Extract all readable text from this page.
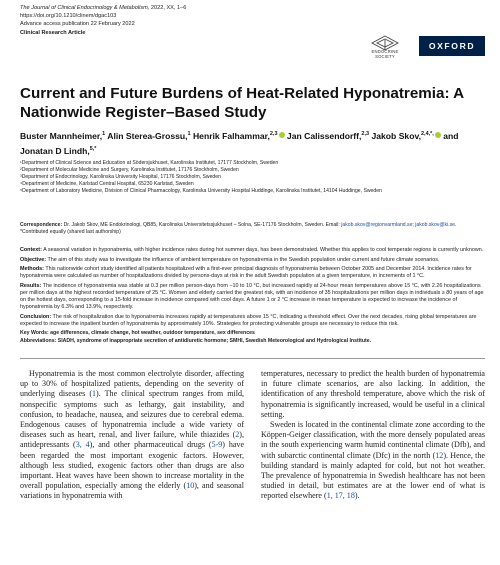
The Journal of Clinical Endocrinology & Metabolism, 2022, XX, 1–6
https://doi.org/10.1210/clinem/dgac103
Advance access publication 22 February 2022
Clinical Research Article
ENDOCRINE SOCIETY
OXFORD
Current and Future Burdens of Heat-Related Hyponatremia: A Nationwide Register–Based Study
Buster Mannheimer,$^1$ Alin Sterea-Grossu,$^1$ Henrik Falhammar,$^{2,3}$ Jan Calissendorff,$^{2,3}$ Jakob Skov,$^{2,4,*,}$ and Jonatan D Lindh,$^{5,*}$
¹Department of Clinical Science and Education at Södersjukhuset, Karolinska Institutet, 17177 Stockholm, Sweden
²Department of Molecular Medicine and Surgery, Karolinska Institutet, 17176 Stockholm, Sweden
³Department of Endocrinology, Karolinska University Hospital, 17176 Stockholm, Sweden
⁴Department of Medicine, Karlstad Central Hospital, 65230 Karlstad, Sweden
⁵Department of Laboratory Medicine, Division of Clinical Pharmacology, Karolinska University Hospital Huddinge, Karolinska Institutet, 14104 Huddinge, Sweden
Correspondence: Dr. Jakob Skov, ME Endokrinologi, QB85, Karolinska Universitetssjukhuset – Solna, SE-17176 Stockholm, Sweden. Email: jakob.skov@regionvarmland.se; jakob.skov@ki.se.
*Contributed equally (shared last authorship)

Context: A seasonal variation in hyponatremia, with higher incidence rates during hot summer days, has been demonstrated. Whether this applies to cool temperate regions is currently unknown.

Objective: The aim of this study was to investigate the influence of ambient temperature on hyponatremia in the Swedish population under current and future climate scenarios.

Methods: This nationwide cohort study identified all patients hospitalized with a first-ever principal diagnosis of hyponatremia between October 2005 and December 2014. Incidence rates for hyponatremia were calculated as number of hospitalizations divided by persons-days at risk in the adult Swedish population at a given temperature, in increments of 1 °C.

Results: The incidence of hyponatremia was stable at 0.3 per million person-days from −10 to 10 °C, but increased rapidly at 24-hour mean temperatures above 15 °C, with 2.26 hospitalizations per million days at the highest recorded temperature of 25 °C. Women and elderly carried the greatest risk, with an incidence of 35 hospitalizations per million days in individuals ≥ 80 years of age on the hottest days, corresponding to a 15-fold increase in incidence compared with cool days. A future 1 or 2 °C increase in mean temperature is expected to increase the incidence of hyponatremia by 6.3% and 13.9%, respectively.

Conclusion: The risk of hospitalization due to hyponatremia increases rapidly at temperatures above 15 °C, indicating a threshold effect. Over the next decades, rising global temperatures are expected to increase the inpatient burden of hyponatremia by approximately 10%. Strategies for protecting vulnerable groups are necessary to reduce this risk.

Key Words: age differences, climate change, hot weather, outdoor temperature, sex differences

Abbreviations: SIADH, syndrome of inappropriate secretion of antidiuretic hormone; SMHI, Swedish Meteorological and Hydrological Institute.

Hyponatremia is the most common electrolyte disorder, affecting up to 30% of hospitalized patients, depending on the severity of underlying diseases (1). The clinical spectrum ranges from mild, nonspecific symptoms such as lethargy, gait instability, and confusion, to headache, nausea, and seizures due to cerebral edema. Endogenous causes of hyponatremia include a wide variety of diseases such as heart, renal, and liver failure, while thiazides (2), antidepressants (3, 4), and other pharmaceutical drugs (5-9) have been regarded the most important exogenic factors. However, although less studied, exogenic factors other than drugs are also important. Heat waves have been shown to increase mortality in the overall population, especially among the elderly (10), and seasonal variations in hyponatremia with

temperatures, necessary to predict the health burden of hyponatremia in future climate scenarios, are also lacking. In addition, the identification of any threshold temperature, above which the risk of hyponatremia is significantly increased, would be useful in a clinical setting.

Sweden is located in the continental climate zone according to the Köppen-Geiger classification, with the more densely populated areas in the south experiencing warm humid continental climate (Dfb), and with subarctic continental climate (Dfc) in the north (12). Hence, the building standard is mainly adapted for cold, but not hot weather. The prevalence of hyponatremia in Swedish healthcare has not been studied in detail, but estimates are at the lower end of what is reported elsewhere (1, 17, 18).
